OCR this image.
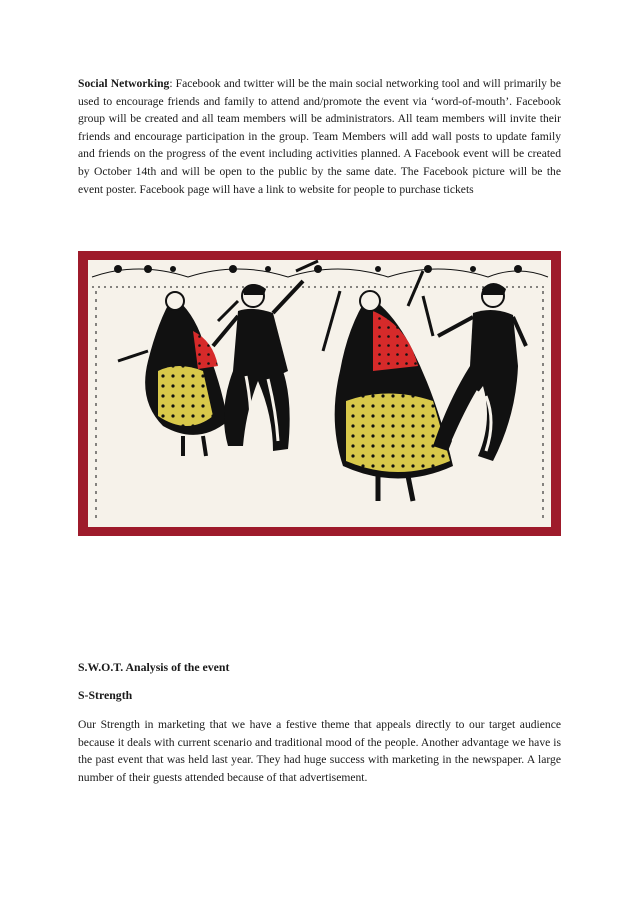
Social Networking: Facebook and twitter will be the main social networking tool and will primarily be used to encourage friends and family to attend and/promote the event via ‘word-of-mouth’. Facebook group will be created and all team members will be administrators. All team members will invite their friends and encourage participation in the group. Team Members will add wall posts to update family and friends on the progress of the event including activities planned. A Facebook event will be created by October 14th and will be open to the public by the same date. The Facebook picture will be the event poster. Facebook page will have a link to website for people to purchase tickets

S.W.O.T. Analysis of the event
S-Strength

Our Strength in marketing that we have a festive theme that appeals directly to our target audience because it deals with current scenario and traditional mood of the people. Another advantage we have is the past event that was held last year. They had huge success with marketing in the newspaper. A large number of their guests attended because of that advertisement.
